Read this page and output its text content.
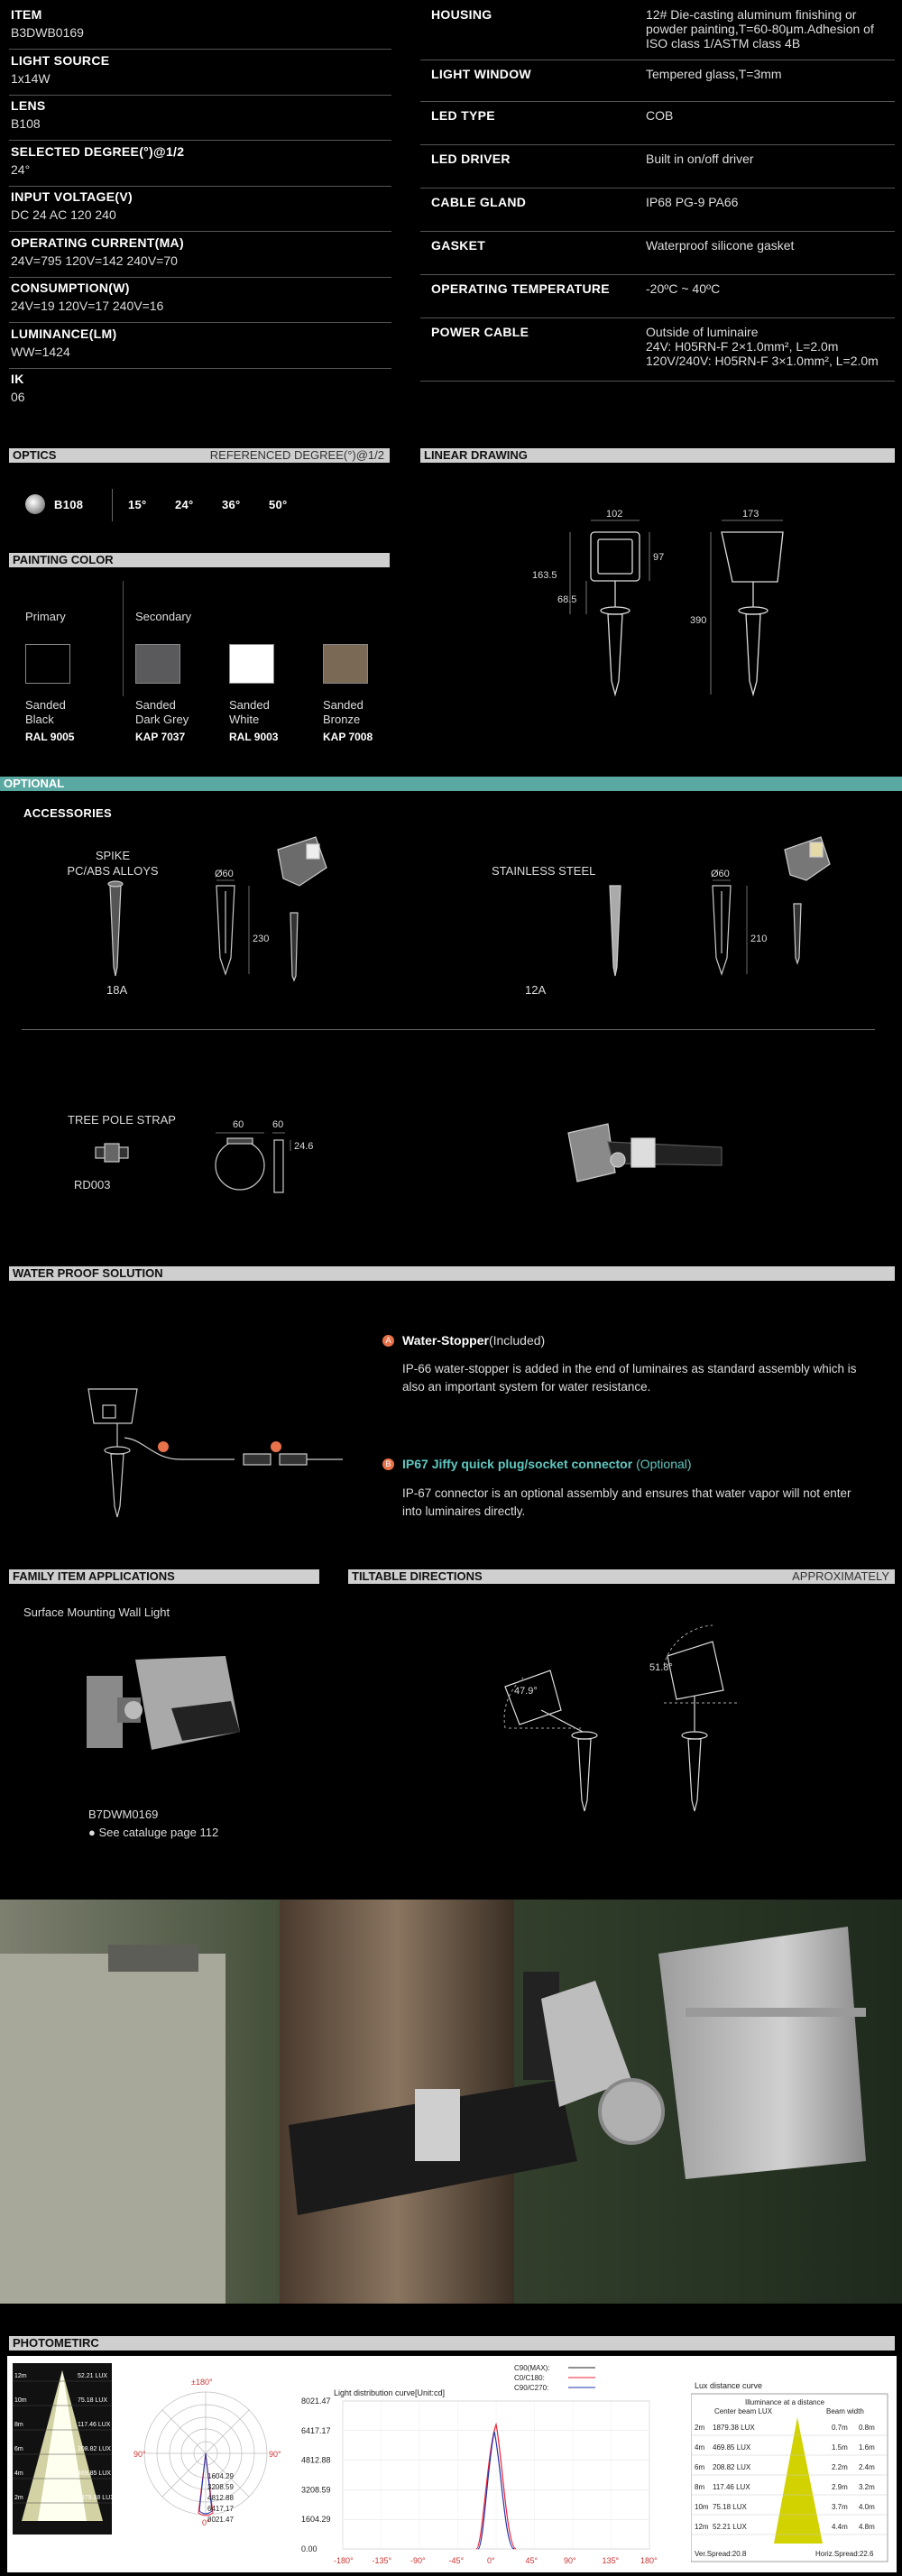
ITEM
B3DWB0169
LIGHT SOURCE
1x14W
LENS
B108
SELECTED DEGREE(°)@1/2
24°
INPUT VOLTAGE(V)
DC 24 AC 120 240
OPERATING CURRENT(MA)
24V=795 120V=142 240V=70
CONSUMPTION(W)
24V=19 120V=17 240V=16
LUMINANCE(LM)
WW=1424
IK
06
HOUSING	12# Die-casting aluminum finishing or powder painting,T=60-80μm.Adhesion of ISO class 1/ASTM class 4B
LIGHT WINDOW	Tempered glass,T=3mm
LED TYPE	COB
LED DRIVER	Built in on/off driver
CABLE GLAND	IP68 PG-9 PA66
GASKET	Waterproof silicone gasket
OPERATING TEMPERATURE	-20ºC ~ 40ºC
POWER CABLE	Outside of luminaire
24V: H05RN-F 2×1.0mm², L=2.0m
120V/240V: H05RN-F 3×1.0mm², L=2.0m
OPTICS	REFERENCED DEGREE(°)@1/2
B108	15° 24° 36° 50°
LINEAR DRAWING
102	173
97
163.5
68.5
390
PAINTING COLOR
Primary	Secondary
Sanded
Black
RAL 9005
Sanded
Dark Grey
KAP 7037
Sanded
White
RAL 9003
Sanded
Bronze
KAP 7008
OPTIONAL
ACCESSORIES
SPIKE
PC/ABS ALLOYS
18A
STAINLESS STEEL
12A
Ø60
230
Ø60
210
TREE POLE STRAP
RD003
60	60
24.6
WATER PROOF SOLUTION
A Water-Stopper(Included)
IP-66 water-stopper is added in the end of luminaires as standard assembly which is also an important system for water resistance.
B IP67 Jiffy quick plug/socket connector (Optional)
IP-67 connector is an optional assembly and ensures that water vapor will not enter into luminaires directly.
FAMILY ITEM APPLICATIONS
Surface Mounting Wall Light
B7DWM0169
● See cataluge page 112
TILTABLE DIRECTIONS	APPROXIMATELY
47.9°
51.8°
PHOTOMETIRC
12m	52.21 LUX
10m	75.18 LUX
8m	117.46 LUX
6m	208.82 LUX
4m	469.85 LUX
2m	1879.38 LUX
B2DWB0169
(1x14W-B108-24°)
±180°
90°	90°
0°
1604.29
3208.59
4812.88
6417.17
8021.47
Light distribution curve[Unit:cd]
C90(MAX):
C0/C180:
C90/C270:
8021.47
6417.17
4812.88
3208.59
1604.29
0.00
-180° -135° -90°	-45°	0°	45°	90°	135°	180°
Lux distance curve
Illuminance at a distance
Center beam LUX	Beam width
2m 1879.38 LUX	0.7m 0.8m
4m 469.85 LUX	1.5m 1.6m
6m 208.82 LUX	2.2m 2.4m
8m 117.46 LUX	2.9m 3.2m
10m 75.18 LUX	3.7m 4.0m
12m 52.21 LUX	4.4m 4.8m
Ver.Spread:20.8	Horiz.Spread:22.6
